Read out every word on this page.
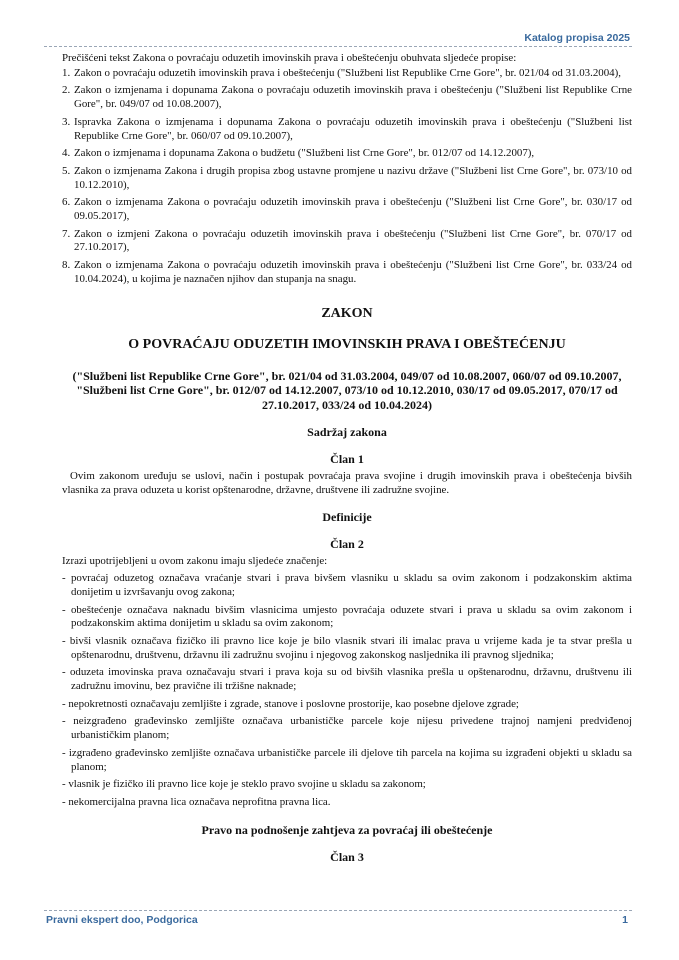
Katalog propisa 2025

Prečišćeni tekst Zakona o povraćaju oduzetih imovinskih prava i obeštećenju obuhvata sljedeće propise:

1. Zakon o povraćaju oduzetih imovinskih prava i obeštećenju ("Službeni list Republike Crne Gore", br. 021/04 od 31.03.2004),
2. Zakon o izmjenama i dopunama Zakona o povraćaju oduzetih imovinskih prava i obeštećenju ("Službeni list Republike Crne Gore", br. 049/07 od 10.08.2007),
3. Ispravka Zakona o izmjenama i dopunama Zakona o povraćaju oduzetih imovinskih prava i obeštećenju ("Službeni list Republike Crne Gore", br. 060/07 od 09.10.2007),
4. Zakon o izmjenama i dopunama Zakona o budžetu ("Službeni list Crne Gore", br. 012/07 od 14.12.2007),
5. Zakon o izmjenama Zakona i drugih propisa zbog ustavne promjene u nazivu države ("Službeni list Crne Gore", br. 073/10 od 10.12.2010),
6. Zakon o izmjenama Zakona o povraćaju oduzetih imovinskih prava i obeštećenju ("Službeni list Crne Gore", br. 030/17 od 09.05.2017),
7. Zakon o izmjeni Zakona o povraćaju oduzetih imovinskih prava i obeštećenju ("Službeni list Crne Gore", br. 070/17 od 27.10.2017),
8. Zakon o izmjenama Zakona o povraćaju oduzetih imovinskih prava i obeštećenju ("Službeni list Crne Gore", br. 033/24 od 10.04.2024), u kojima je naznačen njihov dan stupanja na snagu.
ZAKON
O POVRAĆAJU ODUZETIH IMOVINSKIH PRAVA I OBEŠTEĆENJU
("Službeni list Republike Crne Gore", br. 021/04 od 31.03.2004, 049/07 od 10.08.2007, 060/07 od 09.10.2007, "Službeni list Crne Gore", br. 012/07 od 14.12.2007, 073/10 od 10.12.2010, 030/17 od 09.05.2017, 070/17 od 27.10.2017, 033/24 od 10.04.2024)
Sadržaj zakona
Član 1

Ovim zakonom uređuju se uslovi, način i postupak povraćaja prava svojine i drugih imovinskih prava i obeštećenja bivših vlasnika za prava oduzeta u korist opštenarodne, državne, društvene ili zadružne svojine.

Definicije
Član 2

Izrazi upotrijebljeni u ovom zakonu imaju sljedeće značenje:

- povraćaj oduzetog označava vraćanje stvari i prava bivšem vlasniku u skladu sa ovim zakonom i podzakonskim aktima donijetim u izvršavanju ovog zakona;
- obeštećenje označava naknadu bivšim vlasnicima umjesto povraćaja oduzete stvari i prava u skladu sa ovim zakonom i podzakonskim aktima donijetim u skladu sa ovim zakonom;
- bivši vlasnik označava fizičko ili pravno lice koje je bilo vlasnik stvari ili imalac prava u vrijeme kada je ta stvar prešla u opštenarodnu, društvenu, državnu ili zadružnu svojinu i njegovog zakonskog nasljednika ili pravnog sljednika;
- oduzeta imovinska prava označavaju stvari i prava koja su od bivših vlasnika prešla u opštenarodnu, državnu, društvenu ili zadružnu imovinu, bez pravične ili tržišne naknade;
- nepokretnosti označavaju zemljište i zgrade, stanove i poslovne prostorije, kao posebne djelove zgrade;
- neizgrađeno građevinsko zemljište označava urbanističke parcele koje nijesu privedene trajnoj namjeni predviđenoj urbanističkim planom;
- izgrađeno građevinsko zemljište označava urbanističke parcele ili djelove tih parcela na kojima su izgrađeni objekti u skladu sa planom;
- vlasnik je fizičko ili pravno lice koje je steklo pravo svojine u skladu sa zakonom;
- nekomercijalna pravna lica označava neprofitna pravna lica.
Pravo na podnošenje zahtjeva za povraćaj ili obeštećenje
Član 3
Pravni ekspert doo, Podgorica	1
